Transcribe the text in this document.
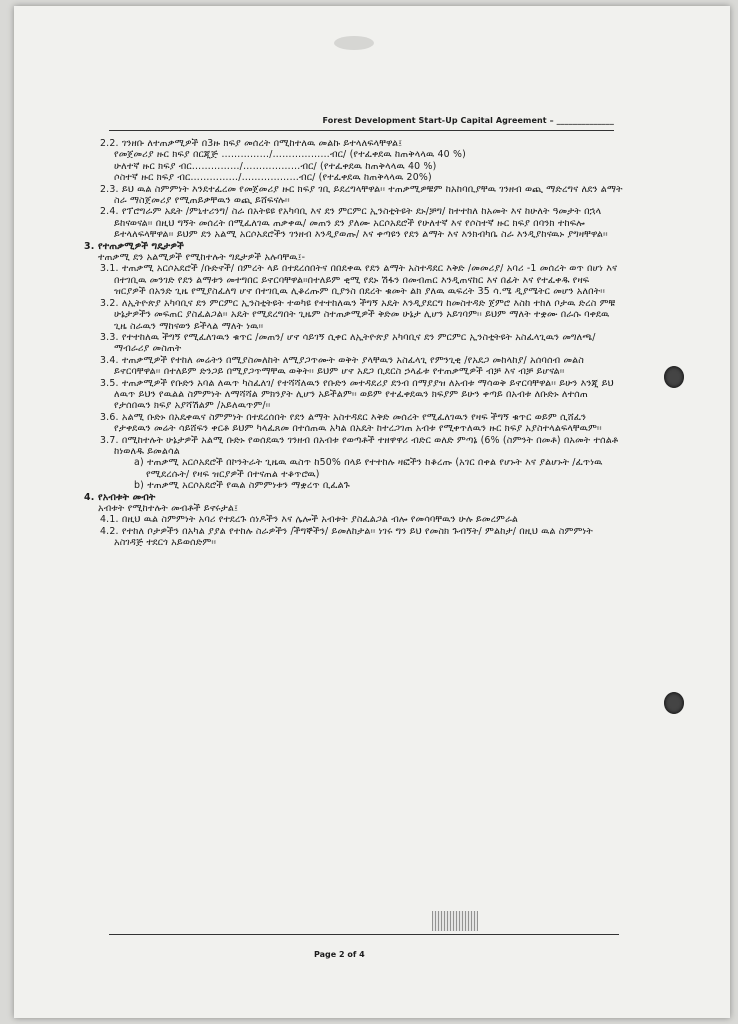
Forest Development Start-Up Capital Agreement – ______________

2.2. ገንዘቡ ለተጠቃሚዎች በ3ዙ ክፍያ መሰረት በሚከተለዉ መልኩ ይተላለፍላቸዋል፤

የመጀመሪያ ዙር ክፍያ በርጂጅ ……………/………………ብር/ (የተፈቀደዉ ከጠቅላላዉ 40 %)

ሁለተኛ ዙር ክፍያ ብር……………/………………ብር/ (የተፈቀደዉ ከጠቅላላዉ 40 %)

ሶስተኛ ዙር ክፍያ ብር……………/………………ብር/ (የተፈቀደዉ ከጠቅላላዉ 20%)

2.3. ይህ ዉል ስምምነት እንደተፈረመ የመጀመሪያ ዙር ክፍያ ገቢ ይደረግላቸዋል፡፡ ተጠቃሚዎቹም ከአከባቢያቸዉ ገንዘብ ወጪ ማድረግና ለደን ልማት ስራ ማስጀመሪያ የሚጠይቃቸዉን ወጪ ይሸፍናሉ፡፡

2.4. የፕሮግራም አዴት /ምኒተሪንግ/ ስራ በአትዩዩ የአካባቢ እና ደን ምርምር ኢንስቲትዩት ደኑ/ቻግ/ ከተተከለ ከአመት እና ከሁለት ዓመታት በኋላ ይከናወናል፡፡ በዚህ ግኝት መሰረት በሚፈለገዉ ጠቃቀዉ/ መጠን ደን ያለሙ አርሶአደሮች የሁለተኛ እና የሶስተኛ ዙር ክፍያ በባንክ ተከፍሎ ይተላለፍላቸዋል፡፡ ይህም ደን አልሚ አርሶአደሮችን ገንዘብ እንዲያወጡ/ እና ቀጣዩን የደን ልማት እና እንክብካቤ ስራ እንዲያከናዉኑ ያግዛቸዋል፡፡

3. የተጠቃሚዎች ግዴታዎች

ተጠቃሚ ደን አልሚዎች የሚከተሉት ግዴታዎች አሉባቸዉ፤-

3.1. ተጠቃሚ አርሶአደሮች /ቡድኖች/ በምረት ላይ በተደረሰበትና በበደቀዉ የደን ልማት አስተዳደር እቅድ /መመሪያ/ አባሪ -1 መሰረት ወጥ በሆነ እና በተገቢዉ መንገድ የደን ልማቱን መተግበር ይኖርባቸዋል።በተለይም ቂሚ የደኑ ሽፋን በመብጠር እንዲጠናከር እና በፊት እና የተፈቀዱ የዛፍ ዝርያዎች በአንድ ጊዜ የሚያስፈለግ ሆኖ በተገቢዉ ሊቆረጡም ቢያንስ በደረት ቁመት ልክ ያለዉ ዉፍረት 35 ሳ.ሜ ዲያሜትር መሆን አለበት፡፡

3.2. ለኢትዮጵያ አካባቢና ደን ምርምር ኢንስቲትዩት ተወካዩ የተተከለዉን ችግኝ አዴት እንዲያደርግ ከመስተዳድ ጀምሮ እስከ ተከለ ቦታዉ ድረስ ምቹ ሁኔታዎችን መፍጠር ያስፈልጋል፡፡ አዴት የሚደረግበት ጊዜም ስተጠቃሚዎች ቅድመ ሁኔታ ሊሆን አይገባም፡፡ ይህም ማለት ተቋሙ በራሱ ባቀደዉ ጊዜ ስራዉን ማከናወን ይችላል ማለት ነዉ፡፡

3.3. የተተከለዉ ችግኝ የሚፈለገዉን ቁጥር /መጠን/ ሆኖ ሳይገኝ ሲቀር ለኢትዮጵያ አካባቢና ደን ምርምር ኢንስቲትዩት አስፈላጊዉን መግለጫ/ማብራሪያ መስጠት

3.4. ተጠቃሚዎች የተከለ መሬትን በሚያስመለከት ለሚያጋጥሙት ወቅት ያላቸዉን አስፈላጊ የምንጊቂ /የአደጋ መከላከያ/ አሰባሰብ መልስ ይኖርባቸዋል፡፡ በተለይም ድንጋይ በሚያጋጥማቸዉ ወቅት፡፡ ይህም ሆኖ አደጋ ቢደርስ ኃላፊቱ የተጠቃሚዎች ብቻ እና ብቻ ይሆናል፡፡

3.5. ተጠቃሚዎች የቡድን አባል ለዉጥ ካስፈለገ/ የተሻሻለዉን የቡድን መተዳደሪያ ደንብ በማያያዝ ለአብቱ ማሳወቅ ይኖርባቸዋል፡፡ ይሁን እንጂ ይህ ለዉጥ ይህን የዉልል ስምምነት ለማሻሻል ምክንያት ሊሆን አይችልም፡፡ ወይም የተፈቀደዉን ክፍያም ይሁን ቀጣይ በአብቱ ለቡድኑ ለተሰጠ የታሰበዉን ክፍያ አያሻሽልም /አይለዉጥም/፡፡

3.6. አልሚ ቡድኑ በአዴቀዉና ስምምነት በተደረሰበት የደን ልማት አስተዳደር እቅድ መሰረት የሚፈለገዉን የዛፍ ችግኝ ቁጥር ወይም ሲሸፈን የታቀደዉን መሬት ሳይሸፍን ቀርቶ ይህም ካላፈጸመ በተሰጠዉ አካል በአዴት ከተረጋገጠ አብቱ የሚቀጥለዉን ዙር ክፍያ አያስተላልፍላቸዉም፡፡

3.7. በሚከተሉት ሁኔታዎች አልሚ ቡድኑ የወሰደዉን ገንዘብ በአብቱ የወጣቶች ተዘዋዋሪ ብድር ወለድ ምጣኔ (6% (ስምንት በመቶ) በአመት ተሰልቶ ከነወለዱ ይመልሳል

a) ተጠቃሚ አርሶአደሮች በኮንትራት ጊዜዉ ዉስጥ ከ50% በላይ የተተከሉ ዛፎችን ከቆረጡ (አገር በቀል የሆኑት እና ያልሆኑት /ፈጥነዉ የሚደረሱት/ የዛፍ ዝርያዎች በተናጠል ተቆጥሮዉ)

b) ተጠቃሚ አርሶአደሮች የዉል ስምምነቱን ማቋረጥ ቢፈልጉ

4. የአብቱት መብት

አብቱት የሚከተሉት መብቶች ይኖሩታል፤

4.1. በዚህ ዉል ስምምነት አባሪ የተደረጉ ሰነዶችን እና ሌሎች አብቱት ያስፈልጋል ብሎ የመሳባቸዉን ሁሉ ይመረምራል

4.2. የተከለ ቦታዎችን በአካል ያያል የተከሉ ስራዎችን /ችግኞችን/ ይመለከታል፡፡ ነገሩ ግን ይህ የመስክ ጉብኝት/ ምልከታ/ በዚህ ዉል ስምምነት አስገዳጅ ተደርጎ አይወሰድም፡፡

Page 2 of 4
